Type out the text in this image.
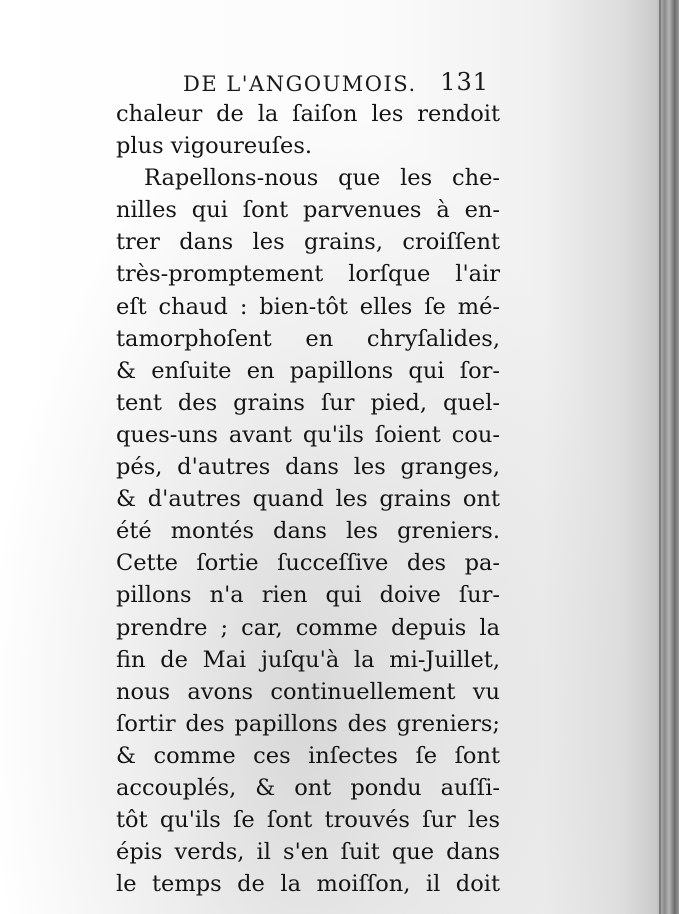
DE L'ANGOUMOIS. 131
chaleur de la ſaiſon les rendoit
plus vigoureuſes.
Rapellons-nous que les che-
nilles qui ſont parvenues à en-
trer dans les grains, croiſſent
très-promptement lorſque l'air
eſt chaud : bien-tôt elles ſe mé-
tamorphoſent en chryſalides,
& enſuite en papillons qui ſor-
tent des grains ſur pied, quel-
ques-uns avant qu'ils ſoient cou-
pés, d'autres dans les granges,
& d'autres quand les grains ont
été montés dans les greniers.
Cette ſortie ſucceſſive des pa-
pillons n'a rien qui doive ſur-
prendre ; car, comme depuis la
fin de Mai juſqu'à la mi-Juillet,
nous avons continuellement vu
ſortir des papillons des greniers;
& comme ces inſectes ſe ſont
accouplés, & ont pondu auſſi-
tôt qu'ils ſe ſont trouvés ſur les
épis verds, il s'en ſuit que dans
le temps de la moiſſon, il doit
